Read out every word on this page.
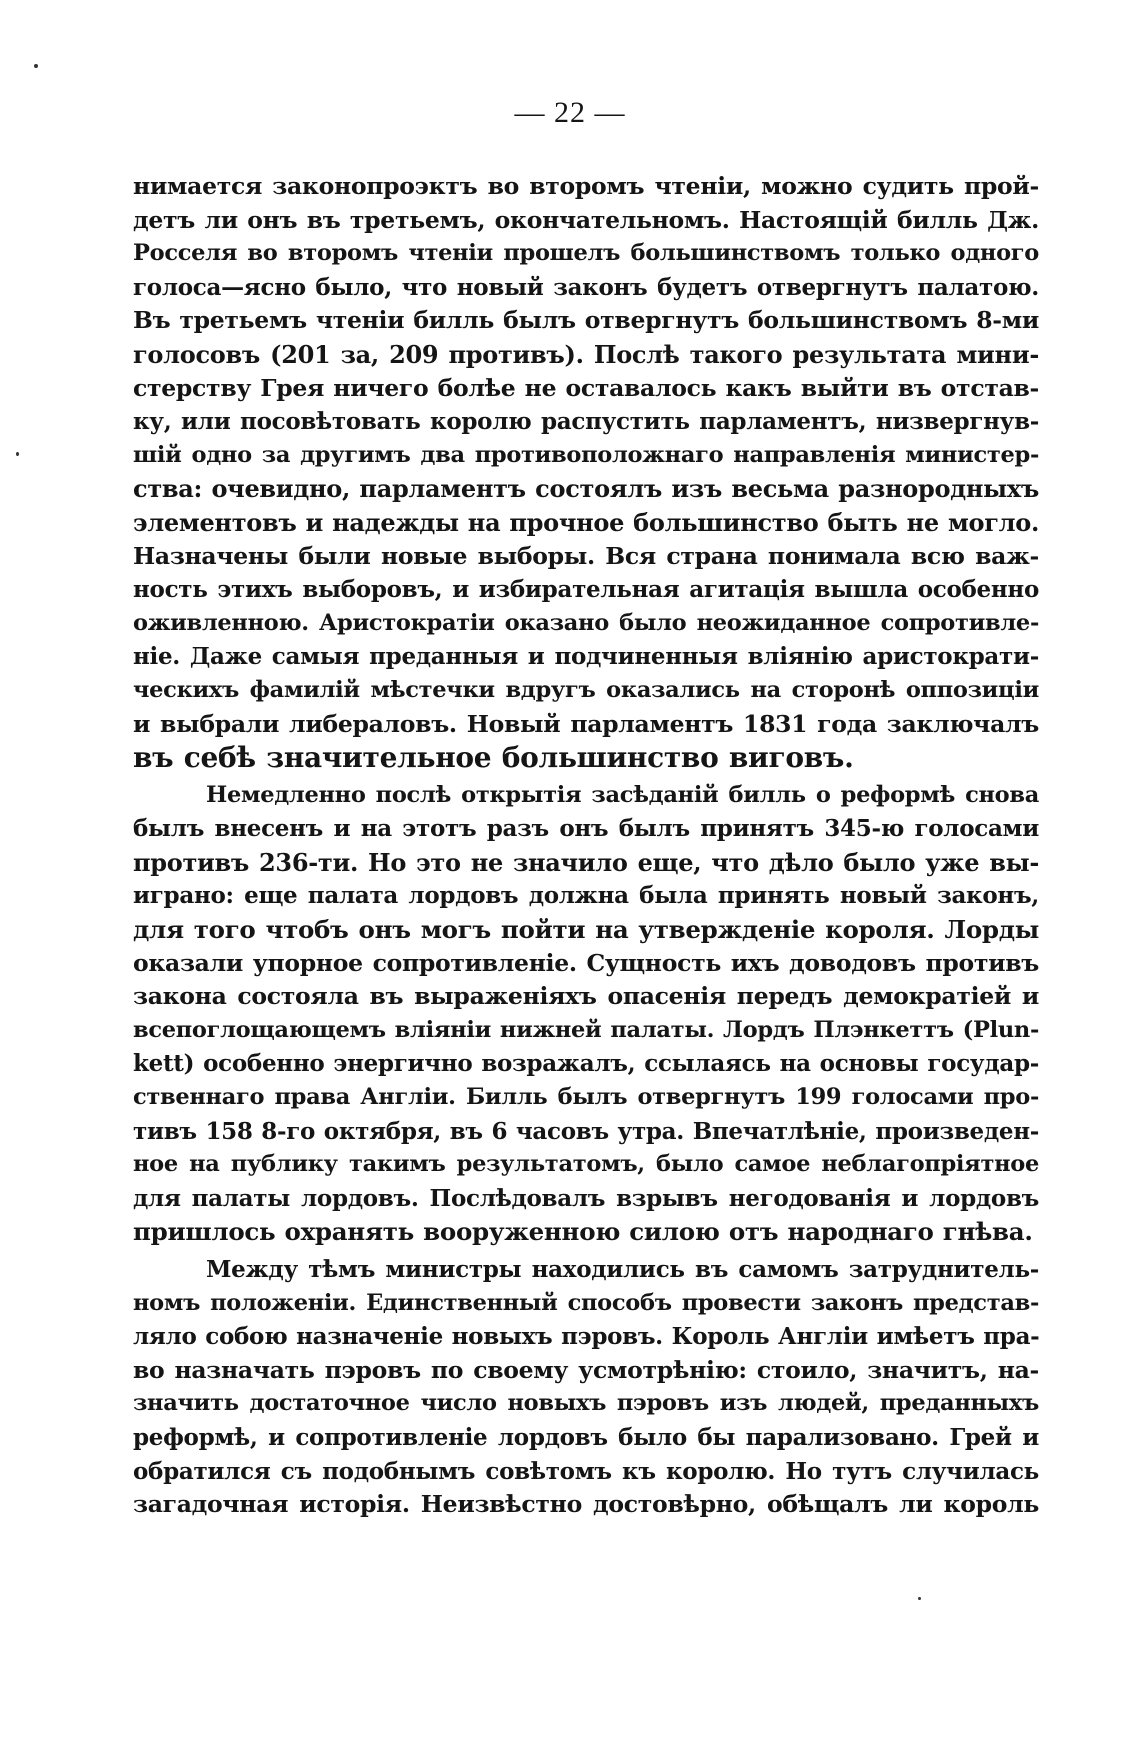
— 22 —
нимается законопроэктъ во второмъ чтенiи, можно судить прой-
детъ ли онъ въ третьемъ, окончательномъ. Настоящiй билль Дж.
Росселя во второмъ чтенiи прошелъ большинствомъ только одного
голоса—ясно было, что новый законъ будетъ отвергнутъ палатою.
Въ третьемъ чтенiи билль былъ отвергнутъ большинствомъ 8-ми
голосовъ (201 за, 209 противъ). Послѣ такого результата мини-
стерству Грея ничего болѣе не оставалось какъ выйти въ отстав-
ку, или посовѣтовать королю распустить парламентъ, низвергнув-
шiй одно за другимъ два противоположнаго направленiя министер-
ства: очевидно, парламентъ состоялъ изъ весьма разнородныхъ
элементовъ и надежды на прочное большинство быть не могло.
Назначены были новые выборы. Вся страна понимала всю важ-
ность этихъ выборовъ, и избирательная агитацiя вышла особенно
оживленною. Аристократiи оказано было неожиданное сопротивле-
нiе. Даже самыя преданныя и подчиненныя влiянiю аристократи-
ческихъ фамилiй мѣстечки вдругъ оказались на сторонѣ оппозицiи
и выбрали либераловъ. Новый парламентъ 1831 года заключалъ
въ себѣ значительное большинство виговъ.
Немедленно послѣ открытiя засѣданiй билль о реформѣ снова
былъ внесенъ и на этотъ разъ онъ былъ принятъ 345-ю голосами
противъ 236-ти. Но это не значило еще, что дѣло было уже вы-
играно: еще палата лордовъ должна была принять новый законъ,
для того чтобъ онъ могъ пойти на утвержденiе короля. Лорды
оказали упорное сопротивленiе. Сущность ихъ доводовъ противъ
закона состояла въ выраженiяхъ опасенiя передъ демократiей и
всепоглощающемъ влiянiи нижней палаты. Лордъ Плэнкеттъ (Plun-
kett) особенно энергично возражалъ, ссылаясь на основы государ-
ственнаго права Англiи. Билль былъ отвергнутъ 199 голосами про-
тивъ 158 8-го октября, въ 6 часовъ утра. Впечатлѣнiе, произведен-
ное на публику такимъ результатомъ, было самое неблагопрiятное
для палаты лордовъ. Послѣдовалъ взрывъ негодованiя и лордовъ
пришлось охранять вооруженною силою отъ народнаго гнѣва.
Между тѣмъ министры находились въ самомъ затруднитель-
номъ положенiи. Единственный способъ провести законъ представ-
ляло собою назначенiе новыхъ пэровъ. Король Англiи имѣетъ пра-
во назначать пэровъ по своему усмотрѣнiю: стоило, значитъ, на-
значить достаточное число новыхъ пэровъ изъ людей, преданныхъ
реформѣ, и сопротивленiе лордовъ было бы парализовано. Грей и
обратился съ подобнымъ совѣтомъ къ королю. Но тутъ случилась
загадочная исторiя. Неизвѣстно достовѣрно, обѣщалъ ли король
